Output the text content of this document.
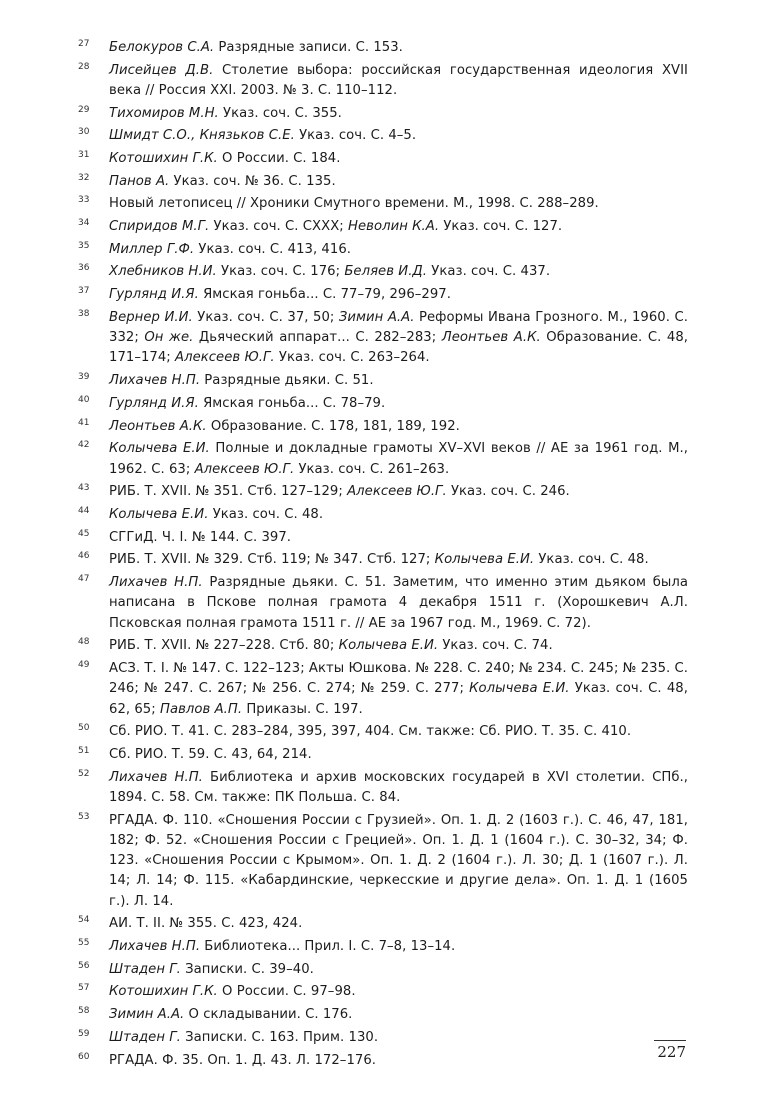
27 Белокуров С.А. Разрядные записи. С. 153.
28 Лисейцев Д.В. Столетие выбора: российская государственная идеология XVII века // Россия XXI. 2003. № 3. С. 110–112.
29 Тихомиров М.Н. Указ. соч. С. 355.
30 Шмидт С.О., Князьков С.Е. Указ. соч. С. 4–5.
31 Котошихин Г.К. О России. С. 184.
32 Панов А. Указ. соч. № 36. С. 135.
33 Новый летописец // Хроники Смутного времени. М., 1998. С. 288–289.
34 Спиридов М.Г. Указ. соч. С. СXXX; Неволин К.А. Указ. соч. С. 127.
35 Миллер Г.Ф. Указ. соч. С. 413, 416.
36 Хлебников Н.И. Указ. соч. С. 176; Беляев И.Д. Указ. соч. С. 437.
37 Гурлянд И.Я. Ямская гоньба... С. 77–79, 296–297.
38 Вернер И.И. Указ. соч. С. 37, 50; Зимин А.А. Реформы Ивана Грозного. М., 1960. С. 332; Он же. Дьяческий аппарат... С. 282–283; Леонтьев А.К. Образование. С. 48, 171–174; Алексеев Ю.Г. Указ. соч. С. 263–264.
39 Лихачев Н.П. Разрядные дьяки. С. 51.
40 Гурлянд И.Я. Ямская гоньба... С. 78–79.
41 Леонтьев А.К. Образование. С. 178, 181, 189, 192.
42 Колычева Е.И. Полные и докладные грамоты XV–XVI веков // АЕ за 1961 год. М., 1962. С. 63; Алексеев Ю.Г. Указ. соч. С. 261–263.
43 РИБ. Т. XVII. № 351. Стб. 127–129; Алексеев Ю.Г. Указ. соч. С. 246.
44 Колычева Е.И. Указ. соч. С. 48.
45 СГГиД. Ч. I. № 144. С. 397.
46 РИБ. Т. XVII. № 329. Стб. 119; № 347. Стб. 127; Колычева Е.И. Указ. соч. С. 48.
47 Лихачев Н.П. Разрядные дьяки. С. 51. Заметим, что именно этим дьяком была написана в Пскове полная грамота 4 декабря 1511 г. (Хорошкевич А.Л. Псковская полная грамота 1511 г. // АЕ за 1967 год. М., 1969. С. 72).
48 РИБ. Т. XVII. № 227–228. Стб. 80; Колычева Е.И. Указ. соч. С. 74.
49 АСЗ. Т. I. № 147. С. 122–123; Акты Юшкова. № 228. С. 240; № 234. С. 245; № 235. С. 246; № 247. С. 267; № 256. С. 274; № 259. С. 277; Колычева Е.И. Указ. соч. С. 48, 62, 65; Павлов А.П. Приказы. С. 197.
50 Сб. РИО. Т. 41. С. 283–284, 395, 397, 404. См. также: Сб. РИО. Т. 35. С. 410.
51 Сб. РИО. Т. 59. С. 43, 64, 214.
52 Лихачев Н.П. Библиотека и архив московских государей в XVI столетии. СПб., 1894. С. 58. См. также: ПК Польша. С. 84.
53 РГАДА. Ф. 110. «Сношения России с Грузией». Оп. 1. Д. 2 (1603 г.). С. 46, 47, 181, 182; Ф. 52. «Сношения России с Грецией». Оп. 1. Д. 1 (1604 г.). С. 30–32, 34; Ф. 123. «Сношения России с Крымом». Оп. 1. Д. 2 (1604 г.). Л. 30; Д. 1 (1607 г.). Л. 14; Л. 14; Ф. 115. «Кабардинские, черкесские и другие дела». Оп. 1. Д. 1 (1605 г.). Л. 14.
54 АИ. Т. II. № 355. С. 423, 424.
55 Лихачев Н.П. Библиотека... Прил. I. С. 7–8, 13–14.
56 Штаден Г. Записки. С. 39–40.
57 Котошихин Г.К. О России. С. 97–98.
58 Зимин А.А. О складывании. С. 176.
59 Штаден Г. Записки. С. 163. Прим. 130.
60 РГАДА. Ф. 35. Оп. 1. Д. 43. Л. 172–176.	227
